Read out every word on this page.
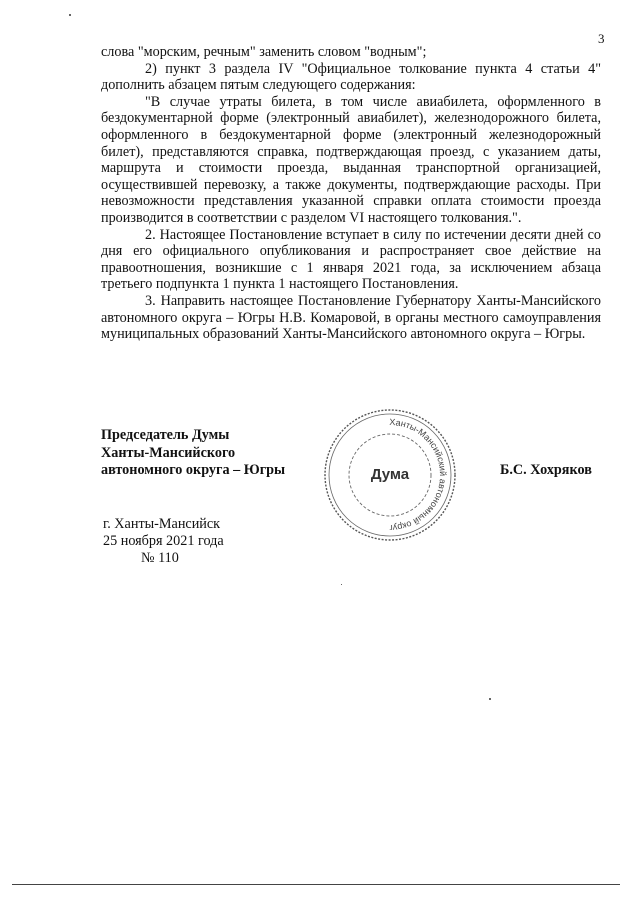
3

слова "морским, речным" заменить словом "водным";

2) пункт 3 раздела IV "Официальное толкование пункта 4 статьи 4" дополнить абзацем пятым следующего содержания:

"В случае утраты билета, в том числе авиабилета, оформленного в бездокументарной форме (электронный авиабилет), железнодорожного билета, оформленного в бездокументарной форме (электронный железнодорожный билет), представляются справка, подтверждающая проезд, с указанием даты, маршрута и стоимости проезда, выданная транспортной организацией, осуществившей перевозку, а также документы, подтверждающие расходы. При невозможности представления указанной справки оплата стоимости проезда производится в соответствии с разделом VI настоящего толкования.".

2. Настоящее Постановление вступает в силу по истечении десяти дней со дня его официального опубликования и распространяет свое действие на правоотношения, возникшие с 1 января 2021 года, за исключением абзаца третьего подпункта 1 пункта 1 настоящего Постановления.

3. Направить настоящее Постановление Губернатору Ханты-Мансийского автономного округа – Югры Н.В. Комаровой, в органы местного самоуправления муниципальных образований Ханты-Мансийского автономного округа – Югры.

Председатель Думы
Ханты-Мансийского
автономного округа – Югры
Ханты-Мансийский автономный округ
Дума	Б.С. Хохряков
г. Ханты-Мансийск
25 ноября 2021 года
№ 110
